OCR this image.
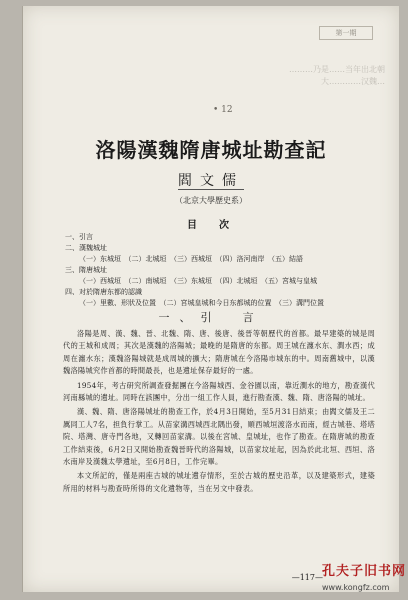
第一期
………乃是……当年出北朝
大…………汉魏…
• 12
洛陽漢魏隋唐城址勘查記
閻文儒
（北京大學歷史系）
目　次
一、引言
二、漢魏城址
（一）东城垣　（二）北城垣　（三）西城垣　（四）洛河南岸　（五）結語
三、隋唐城址
（一）西城垣　（二）南城垣　（三）东城垣　（四）北城垣　（五）宮城与皇城
四、对於隋唐东都的認識
（一）里數、形狀及位置　（二）宮城皇城和今日东都城的位置　（三）溝門位置
一、引　言

洛陽是周、漢、魏、晉、北魏、隋、唐、後唐、後晉等朝歷代的首都。最早建築的城是周代的王城和成周；其次是漢魏的洛陽城；最晚的是隋唐的东都。周王城在瀍水东、澗水西；成周在瀍水东；漢魏洛陽城就是成周城的擴大；隋唐城在今洛陽市城东的中。周南舊城中，以漢魏洛陽城究作首都的時間最長，也是遺址保存最好的一處。

1954年，考古研究所調查發掘團在今洛陽城西、金谷園以南，靠近澗水的地方，勘查漢代河南縣城的遺址。同時在該團中，分出一組工作人員，進行勘查漢、魏、隋、唐洛陽的城址。

漢、魏、隋、唐洛陽城址的勘查工作，於4月3日開始，至5月31日結束；由閻文儒及王二厲同工人7名，担負行掌工。从苗家溝西城西北隅出發，順西城垣渡洛水而南，經古城巷、塔塔院、塔灣、唐寺門各地，又轉回苗家溝。以後在宮城、皇城址，也作了勘查。在隋唐城的勘查工作結束後，6月2日又開始勘查魏晉時代的洛陽城，以苗家坟址起，因為於此北垣、西垣、洛水南岸及漢魏太學遺址，至6月8日，工作完畢。

本文所記的，僅是兩座古城的城址遺存情形，至於古城的歷史沿革，以及建築形式，建築所用的材料与勘查時所得的文化遺物等，当在另文中發表。

—117—
孔夫子旧书网
www.kongfz.com
